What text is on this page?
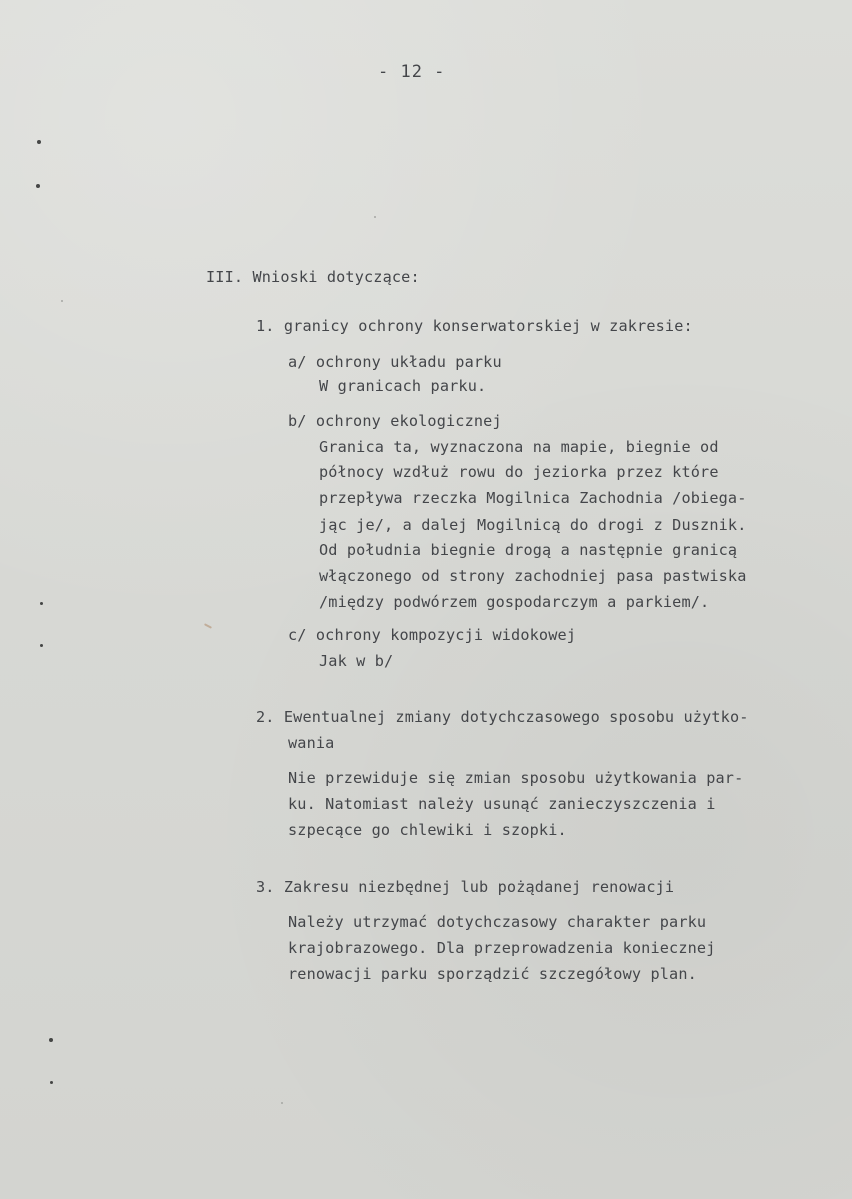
- 12 -
III. Wnioski dotyczące:
1. granicy ochrony konserwatorskiej w zakresie:
a/ ochrony układu parku
W granicach parku.
b/ ochrony ekologicznej
Granica ta, wyznaczona na mapie, biegnie od
północy wzdłuż rowu do jeziorka przez które
przepływa rzeczka Mogilnica Zachodnia /obiega-
jąc je/, a dalej Mogilnicą do drogi z Dusznik.
Od południa biegnie drogą a następnie granicą
włączonego od strony zachodniej pasa pastwiska
/między podwórzem gospodarczym a parkiem/.
c/ ochrony kompozycji widokowej
Jak w b/
2. Ewentualnej zmiany dotychczasowego sposobu użytko-
wania
Nie przewiduje się zmian sposobu użytkowania par-
ku. Natomiast należy usunąć zanieczyszczenia i
szpecące go chlewiki i szopki.
3. Zakresu niezbędnej lub pożądanej renowacji
Należy utrzymać dotychczasowy charakter parku
krajobrazowego. Dla przeprowadzenia koniecznej
renowacji parku sporządzić szczegółowy plan.
